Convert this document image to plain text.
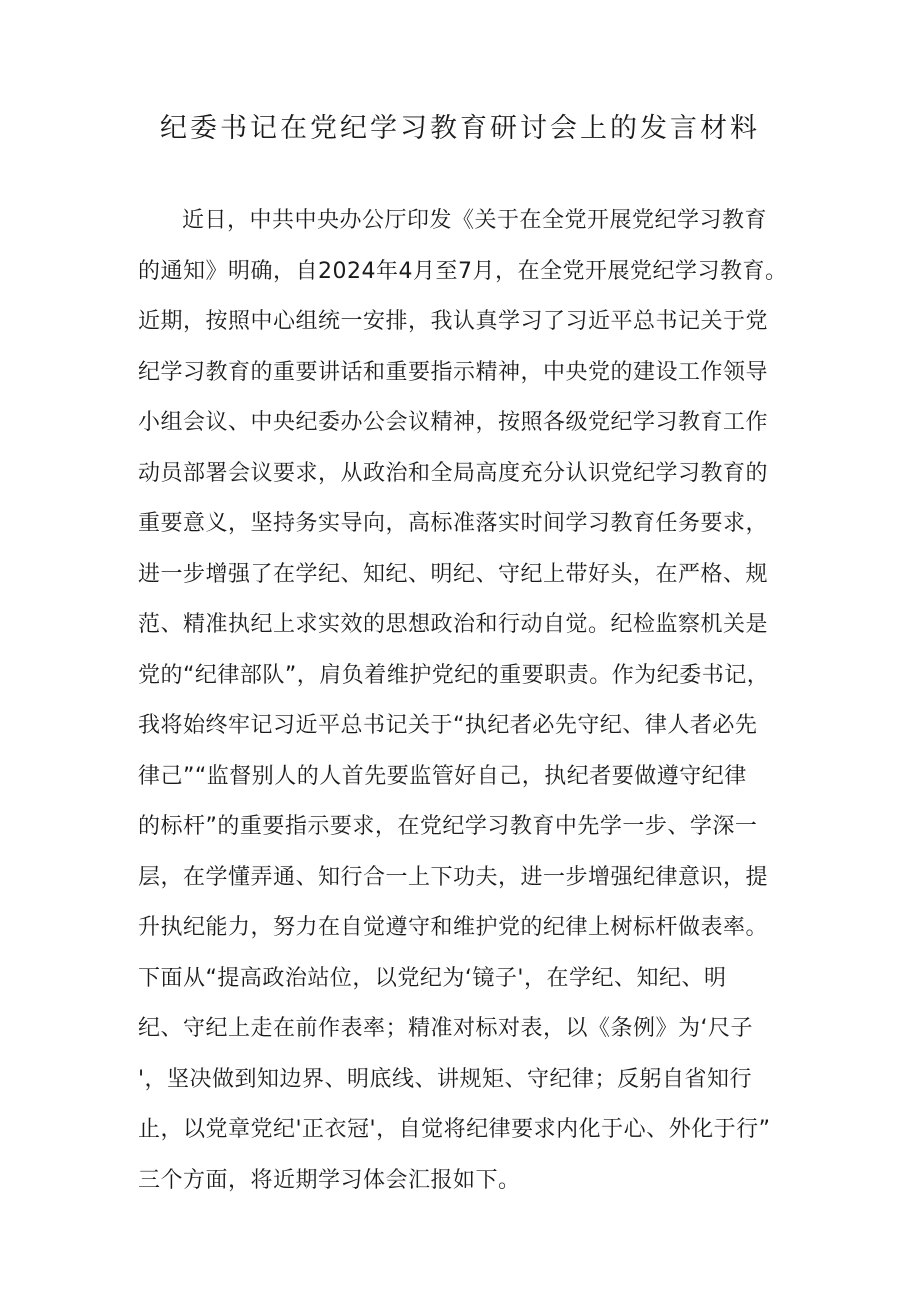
纪委书记在党纪学习教育研讨会上的发言材料
近日，中共中央办公厅印发《关于在全党开展党纪学习教育
的通知》明确，自2024年4月至7月，在全党开展党纪学习教育。
近期，按照中心组统一安排，我认真学习了习近平总书记关于党
纪学习教育的重要讲话和重要指示精神，中央党的建设工作领导
小组会议、中央纪委办公会议精神，按照各级党纪学习教育工作
动员部署会议要求，从政治和全局高度充分认识党纪学习教育的
重要意义，坚持务实导向，高标准落实时间学习教育任务要求，
进一步增强了在学纪、知纪、明纪、守纪上带好头，在严格、规
范、精准执纪上求实效的思想政治和行动自觉。纪检监察机关是
党的“纪律部队”，肩负着维护党纪的重要职责。作为纪委书记，
我将始终牢记习近平总书记关于“执纪者必先守纪、律人者必先
律己”“监督别人的人首先要监管好自己，执纪者要做遵守纪律
的标杆”的重要指示要求，在党纪学习教育中先学一步、学深一
层，在学懂弄通、知行合一上下功夫，进一步增强纪律意识，提
升执纪能力，努力在自觉遵守和维护党的纪律上树标杆做表率。
下面从“提高政治站位，以党纪为‘镜子'，在学纪、知纪、明
纪、守纪上走在前作表率；精准对标对表，以《条例》为‘尺子
'，坚决做到知边界、明底线、讲规矩、守纪律；反躬自省知行
止，以党章党纪'正衣冠'，自觉将纪律要求内化于心、外化于行”
三个方面，将近期学习体会汇报如下。
